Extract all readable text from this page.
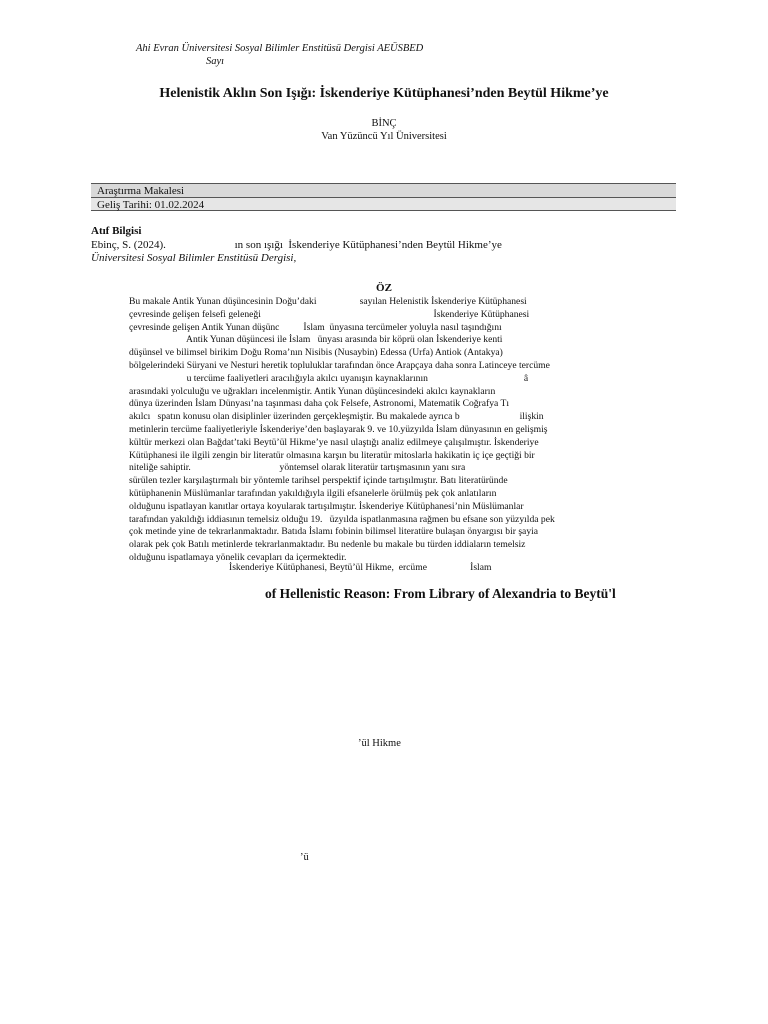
Ahi Evran Üniversitesi Sosyal Bilimler Enstitüsü Dergisi AEÜSBED
Sayı
Helenistik Aklın Son Işığı: İskenderiye Kütüphanesi’nden Beytül Hikme’ye
BİNÇ
Van Yüzüncü Yıl Üniversitesi
Araştırma Makalesi
Geliş Tarihi: 01.02.2024
Atıf Bilgisi
Ebinç, S. (2024).                         ın son ışığı  İskenderiye Kütüphanesi’nden Beytül Hikme’ye
Üniversitesi Sosyal Bilimler Enstitüsü Dergisi,
ÖZ
Bu makale Antik Yunan düşüncesinin Doğu’daki                  sayılan Helenistik İskenderiye Kütüphanesi
çevresinde gelişen felsefi geleneği                                                                        İskenderiye Kütüphanesi
çevresinde gelişen Antik Yunan düşünc          İslam  ünyasına tercümeler yoluyla nasıl taşındığını
Antik Yunan düşüncesi ile İslam   ünyası arasında bir köprü olan İskenderiye kenti
düşünsel ve bilimsel birikim Doğu Roma’nın Nisibis (Nusaybin) Edessa (Urfa) Antiok (Antakya)
bölgelerindeki Süryani ve Nesturi heretik topluluklar tarafından önce Arapçaya daha sonra Latinceye tercüme
u tercüme faaliyetleri aracılığıyla akılcı uyanışın kaynaklarının                                        â
arasındaki yolculuğu ve uğrakları incelenmiştir. Antik Yunan düşüncesindeki akılcı kaynakların
dünya üzerinden İslam Dünyası’na taşınması daha çok Felsefe, Astronomi, Matematik Coğrafya Tı
akılcı   spatın konusu olan disiplinler üzerinden gerçekleşmiştir. Bu makalede ayrıca b                         ilişkin
metinlerin tercüme faaliyetleriyle İskenderiye’den başlayarak 9. ve 10.yüzyılda İslam dünyasının en gelişmiş
kültür merkezi olan Bağdat’taki Beytü’ül Hikme’ye nasıl ulaştığı analiz edilmeye çalışılmıştır. İskenderiye
Kütüphanesi ile ilgili zengin bir literatür olmasına karşın bu literatür mitoslarla hakikatin iç içe geçtiği bir
niteliğe sahiptir.                                     yöntemsel olarak literatür tartışmasının yanı sıra
sürülen tezler karşılaştırmalı bir yöntemle tarihsel perspektif içinde tartışılmıştır. Batı literatüründe
kütüphanenin Müslümanlar tarafından yakıldığıyla ilgili efsanelerle örülmüş pek çok anlatıların
olduğunu ispatlayan kanıtlar ortaya koyularak tartışılmıştır. İskenderiye Kütüphanesi’nin Müslümanlar
tarafından yakıldığı iddiasının temelsiz olduğu 19.   üzyılda ispatlanmasına rağmen bu efsane son yüzyılda pek
çok metinde yine de tekrarlanmaktadır. Batıda İslamı fobinin bilimsel literatüre bulaşan önyargısı bir şayia
olarak pek çok Batılı metinlerde tekrarlanmaktadır. Bu nedenle bu makale bu türden iddiaların temelsiz
olduğunu ispatlamaya yönelik cevapları da içermektedir.
İskenderiye Kütüphanesi, Beytü’ül Hikme,  ercüme                  İslam
of Hellenistic Reason: From Library of Alexandria to Beytü'l
’ül Hikme
’ü
